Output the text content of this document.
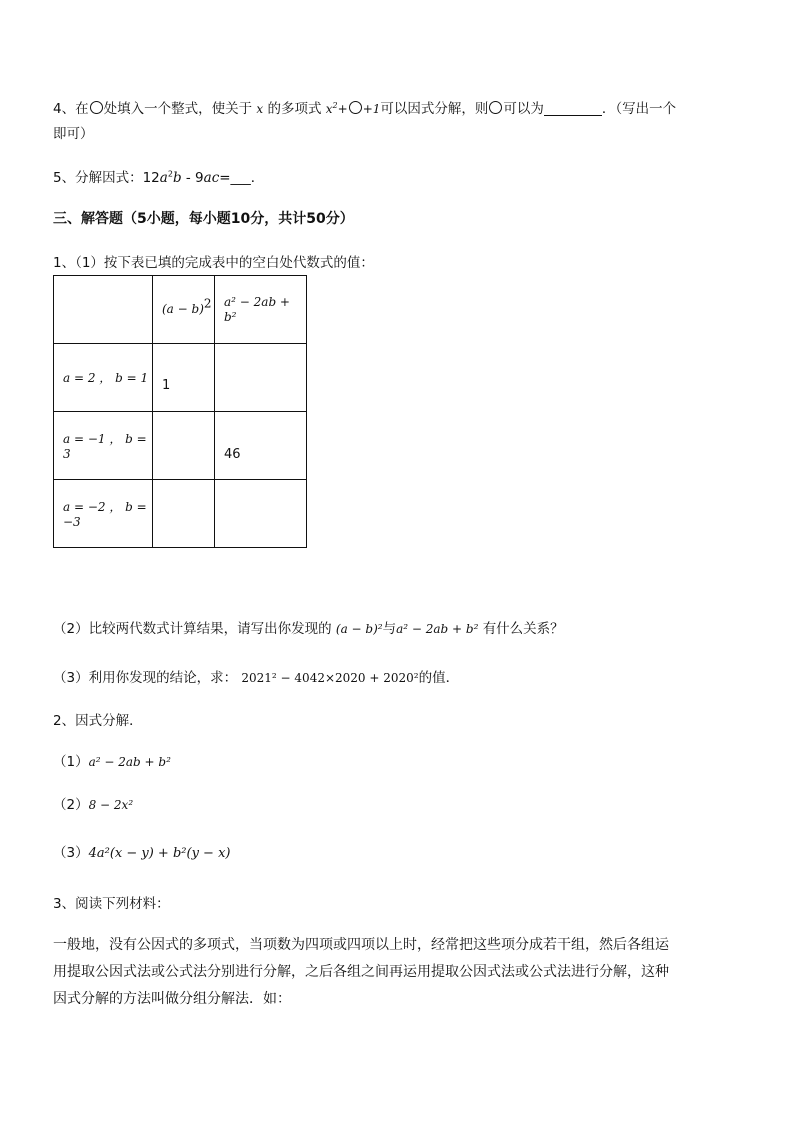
4、在 处填入一个整式，使关于 x 的多项式 $x^2+ +1$可以因式分解，则 可以为	．（写出一个
即可）
5、分解因式：$12a^2b$ - 9ac=___．
三、解答题（5小题，每小题10分，共计50分）
1、（1）按下表已填的完成表中的空白处代数式的值：
	$(a - b)^2$	a² − 2ab + b²
a = 2 ， b = 1	1	
a = −1 ， b = 3		46
a = −2 ， b = −3		
（2）比较两代数式计算结果，请写出你发现的 (a − b)²与a² − 2ab + b² 有什么关系？
（3）利用你发现的结论，求： 2021² − 4042×2020 + 2020²的值．
2、因式分解．
（1）a² − 2ab + b²
（2）8 − 2x²
（3）4a²(x − y) + b²(y − x)
3、阅读下列材料：
一般地，没有公因式的多项式，当项数为四项或四项以上时，经常把这些项分成若干组，然后各组运
用提取公因式法或公式法分别进行分解，之后各组之间再运用提取公因式法或公式法进行分解，这种
因式分解的方法叫做分组分解法．如：
